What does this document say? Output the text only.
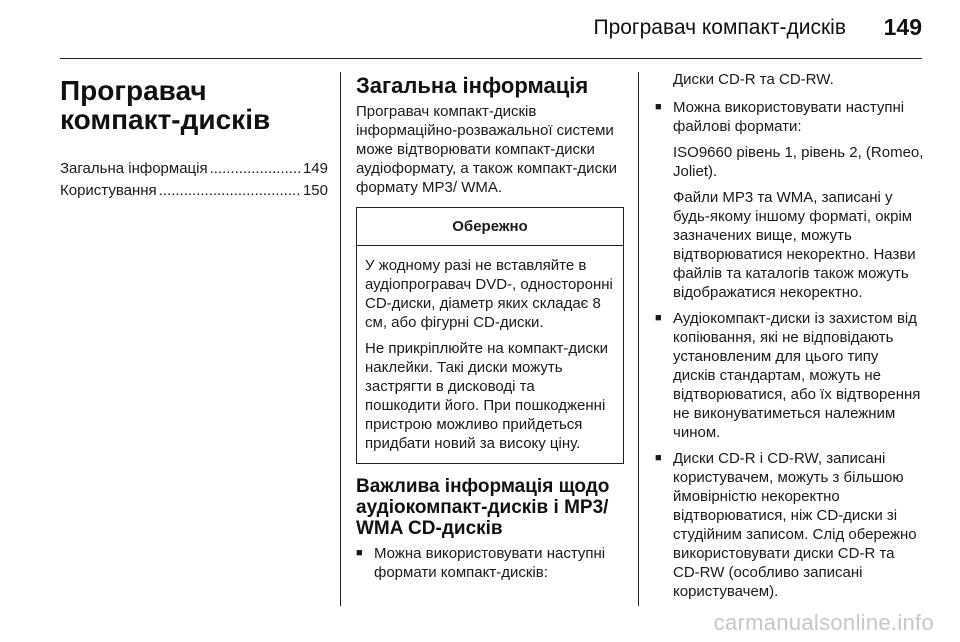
Програвач компакт-дисків 149
Програвач компакт-дисків
Загальна інформація .....	149
Користування .....	150
Загальна інформація

Програвач компакт-дисків інформаційно-розважальної системи може відтворювати компакт-диски аудіоформату, а також компакт-диски формату MP3/ WMA.

Обережно

У жодному разі не вставляйте в аудіопрогравач DVD-, односторонні CD-диски, діаметр яких складає 8 см, або фігурні CD-диски.

Не прикріплюйте на компакт-диски наклейки. Такі диски можуть застрягти в дисководі та пошкодити його. При пошкодженні пристрою можливо прийдеться придбати новий за високу ціну.

Важлива інформація щодо аудіокомпакт-дисків і MP3/ WMA CD-дисків
■ Можна використовувати наступні формати компакт-дисків:

Диски CD-R та CD-RW.

■ Можна використовувати наступні файлові формати:

ISO9660 рівень 1, рівень 2, (Romeo, Joliet).

Файли MP3 та WMA, записані у будь-якому іншому форматі, окрім зазначених вище, можуть відтворюватися некоректно. Назви файлів та каталогів також можуть відображатися некоректно.

■ Аудіокомпакт-диски із захистом від копіювання, які не відповідають установленим для цього типу дисків стандартам, можуть не відтворюватися, або їх відтворення не виконуватиметься належним чином.

■ Диски CD-R і CD-RW, записані користувачем, можуть з більшою ймовірністю некоректно відтворюватися, ніж CD-диски зі студійним записом. Слід обережно використовувати диски CD-R та CD-RW (особливо записані користувачем).

carmanualsonline.info
